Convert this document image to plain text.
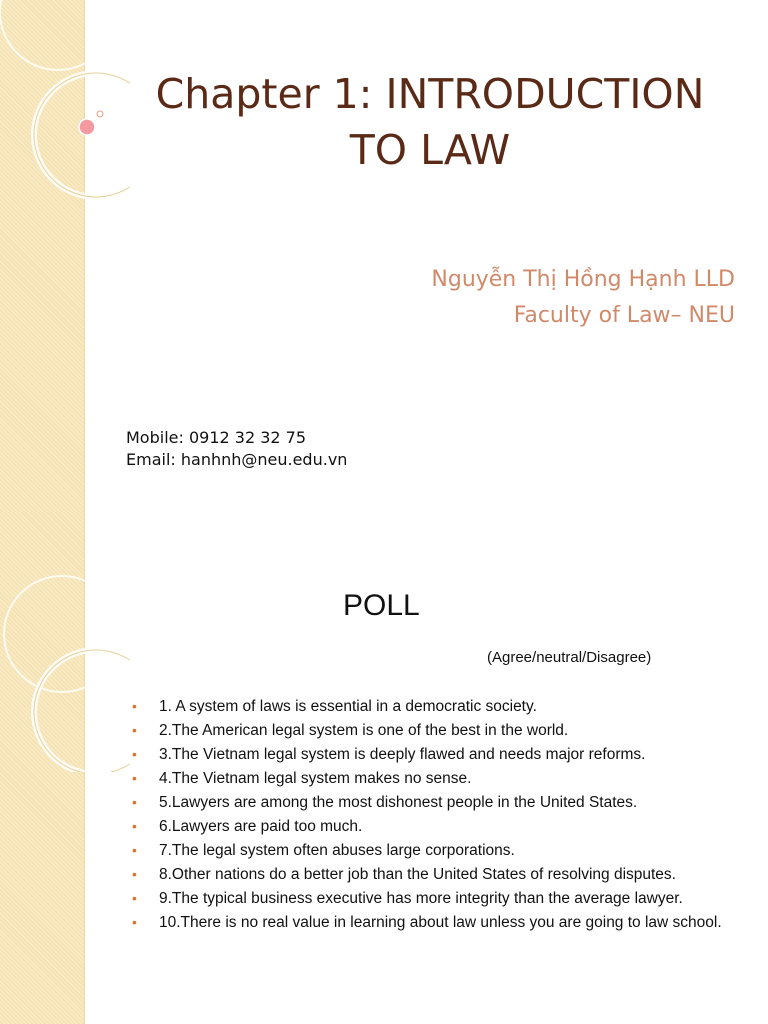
Chapter 1: INTRODUCTION
TO LAW
Nguyễn Thị Hồng Hạnh LLD
Faculty of Law– NEU
Mobile: 0912 32 32 75
Email: hanhnh@neu.edu.vn
POLL
(Agree/neutral/Disagree)
• 1. A system of laws is essential in a democratic society.
• 2.The American legal system is one of the best in the world.
• 3.The Vietnam legal system is deeply flawed and needs major reforms.
• 4.The Vietnam legal system makes no sense.
• 5.Lawyers are among the most dishonest people in the United States.
• 6.Lawyers are paid too much.
• 7.The legal system often abuses large corporations.
• 8.Other nations do a better job than the United States of resolving disputes.
• 9.The typical business executive has more integrity than the average lawyer.
• 10.There is no real value in learning about law unless you are going to law school.
